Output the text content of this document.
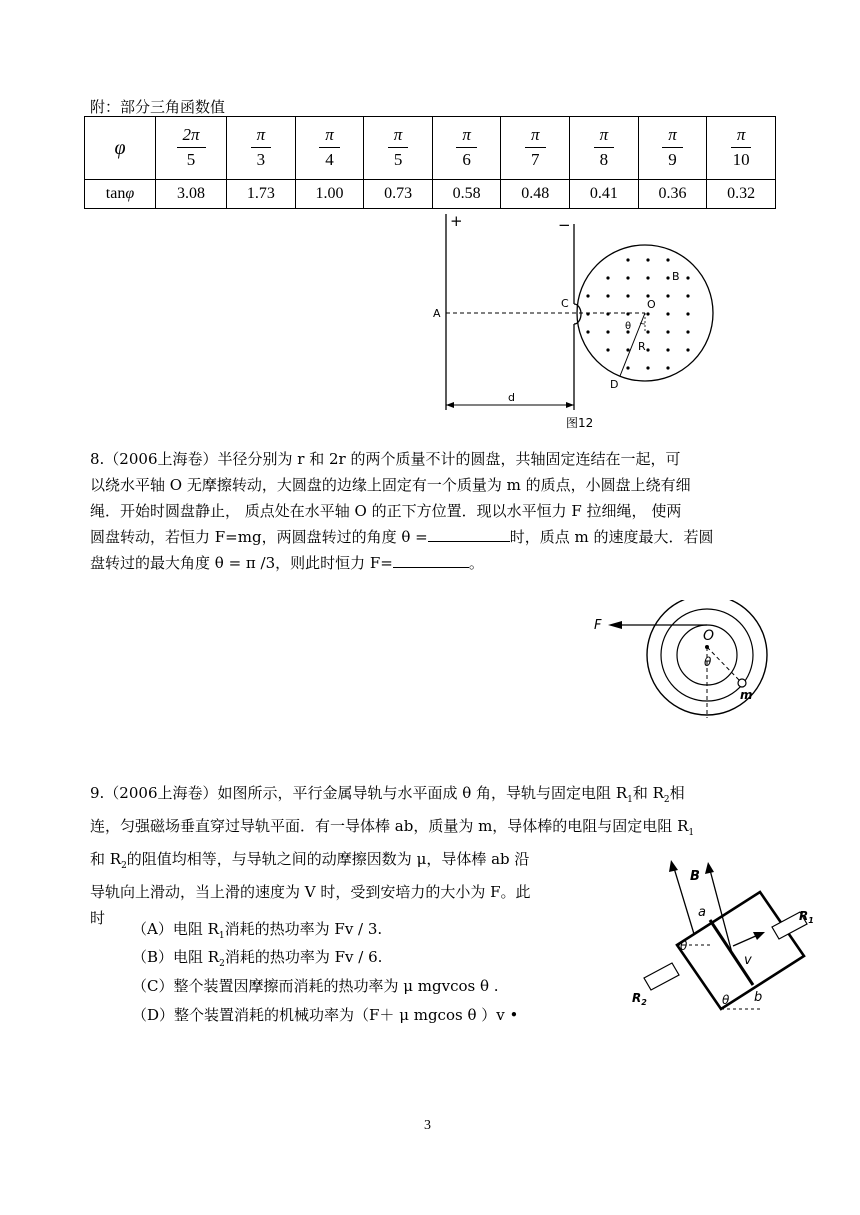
附：部分三角函数值
φ	$\frac{2\pi}{5}$	$\frac{\pi}{3}$	$\frac{\pi}{4}$	$\frac{\pi}{5}$	$\frac{\pi}{6}$	$\frac{\pi}{7}$	$\frac{\pi}{8}$	$\frac{\pi}{9}$	$\frac{\pi}{10}$

tanφ	3.08	1.73	1.00	0.73	0.58	0.48	0.41	0.36	0.32
+	−
A
C	O
B
θ
R
D
d
图12
8.（2006上海卷）半径分别为 r 和 2r 的两个质量不计的圆盘，共轴固定连结在一起，可
以绕水平轴 O 无摩擦转动，大圆盘的边缘上固定有一个质量为 m 的质点，小圆盘上绕有细
绳．开始时圆盘静止， 质点处在水平轴 O 的正下方位置．现以水平恒力 F 拉细绳， 使两
圆盘转动，若恒力 F=mg，两圆盘转过的角度 θ =	时，质点 m 的速度最大．若圆
盘转过的最大角度 θ = π /3，则此时恒力 F=	。
F
O
θ
m
9.（2006上海卷）如图所示，平行金属导轨与水平面成 θ 角，导轨与固定电阻 $R_1$和 $R_2$相
连，匀强磁场垂直穿过导轨平面．有一导体棒 ab，质量为 m，导体棒的电阻与固定电阻 $R_1$
和 $R_2$的阻值均相等，与导轨之间的动摩擦因数为 μ，导体棒 ab 沿
导轨向上滑动，当上滑的速度为 V 时，受到安培力的大小为 F。此
时
（A）电阻 $R_1$消耗的热功率为 Fv / 3.
（B）电阻 $R_2$消耗的热功率为 Fv / 6.
（C）整个装置因摩擦而消耗的热功率为 μ mgvcos θ .
（D）整个装置消耗的机械功率为（F＋ μ mgcos θ ）v •
B
a	$R_1$
θ
v
$R_2$	b
θ
3
